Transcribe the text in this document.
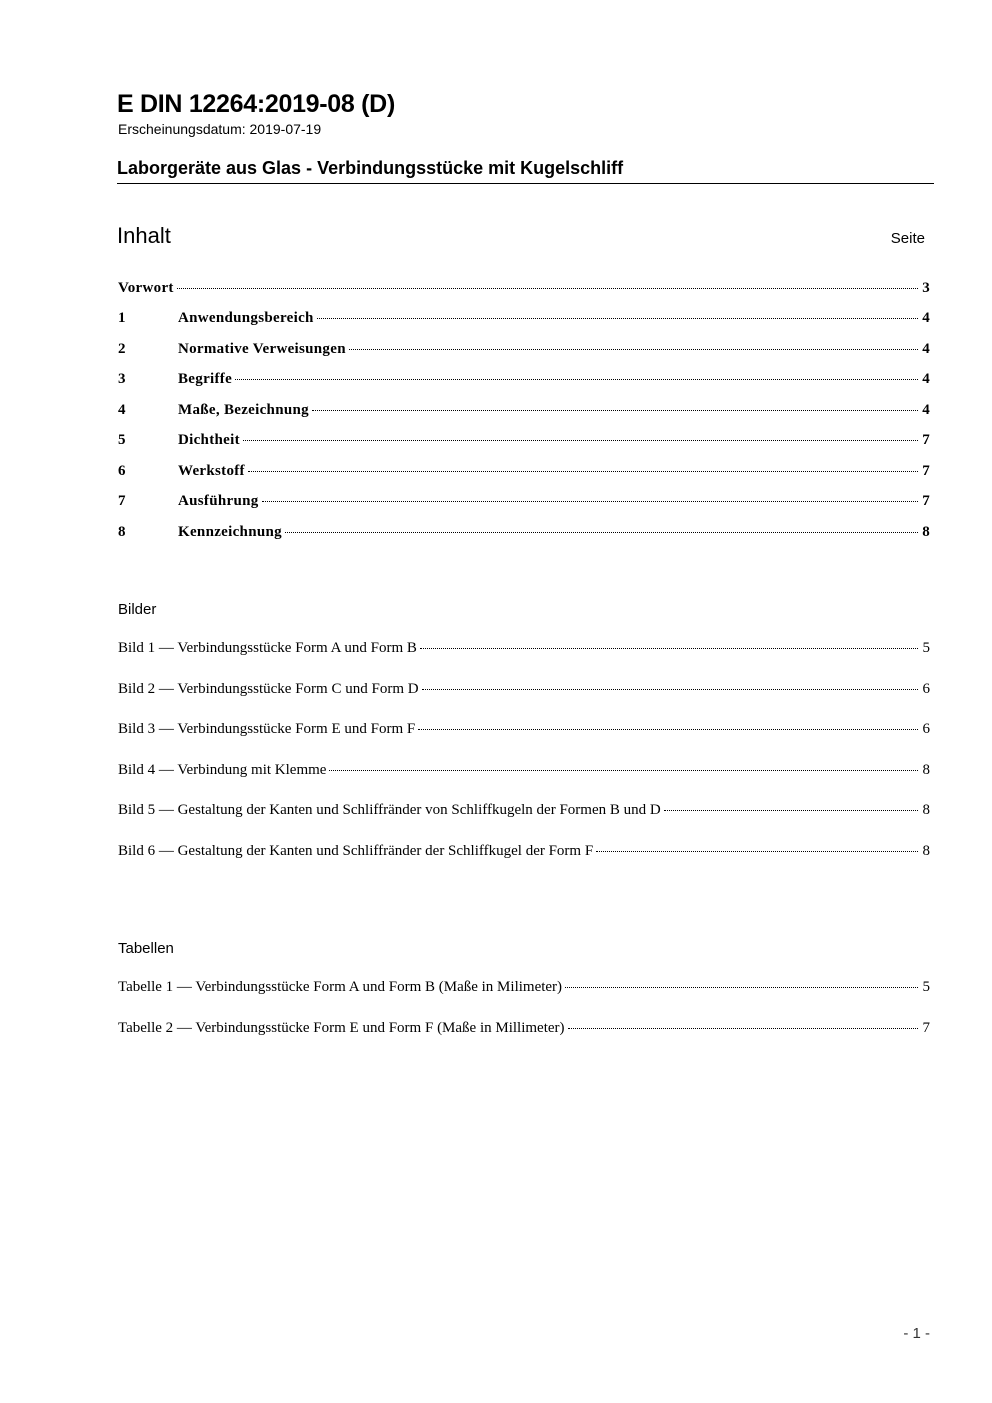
E DIN 12264:2019-08 (D)
Erscheinungsdatum: 2019-07-19
Laborgeräte aus Glas - Verbindungsstücke mit Kugelschliff
Inhalt	Seite
Vorwort	3
1	Anwendungsbereich	4
2	Normative Verweisungen	4
3	Begriffe	4
4	Maße, Bezeichnung	4
5	Dichtheit	7
6	Werkstoff	7
7	Ausführung	7
8	Kennzeichnung	8
Bilder
Bild 1 — Verbindungsstücke Form A und Form B	5
Bild 2 — Verbindungsstücke Form C und Form D	6
Bild 3 — Verbindungsstücke Form E und Form F	6
Bild 4 — Verbindung mit Klemme	8
Bild 5 — Gestaltung der Kanten und Schliffränder von Schliffkugeln der Formen B und D	8
Bild 6 — Gestaltung der Kanten und Schliffränder der Schliffkugel der Form F	8
Tabellen
Tabelle 1 — Verbindungsstücke Form A und Form B (Maße in Milimeter)	5
Tabelle 2 — Verbindungsstücke Form E und Form F (Maße in Millimeter)	7
- 1 -
